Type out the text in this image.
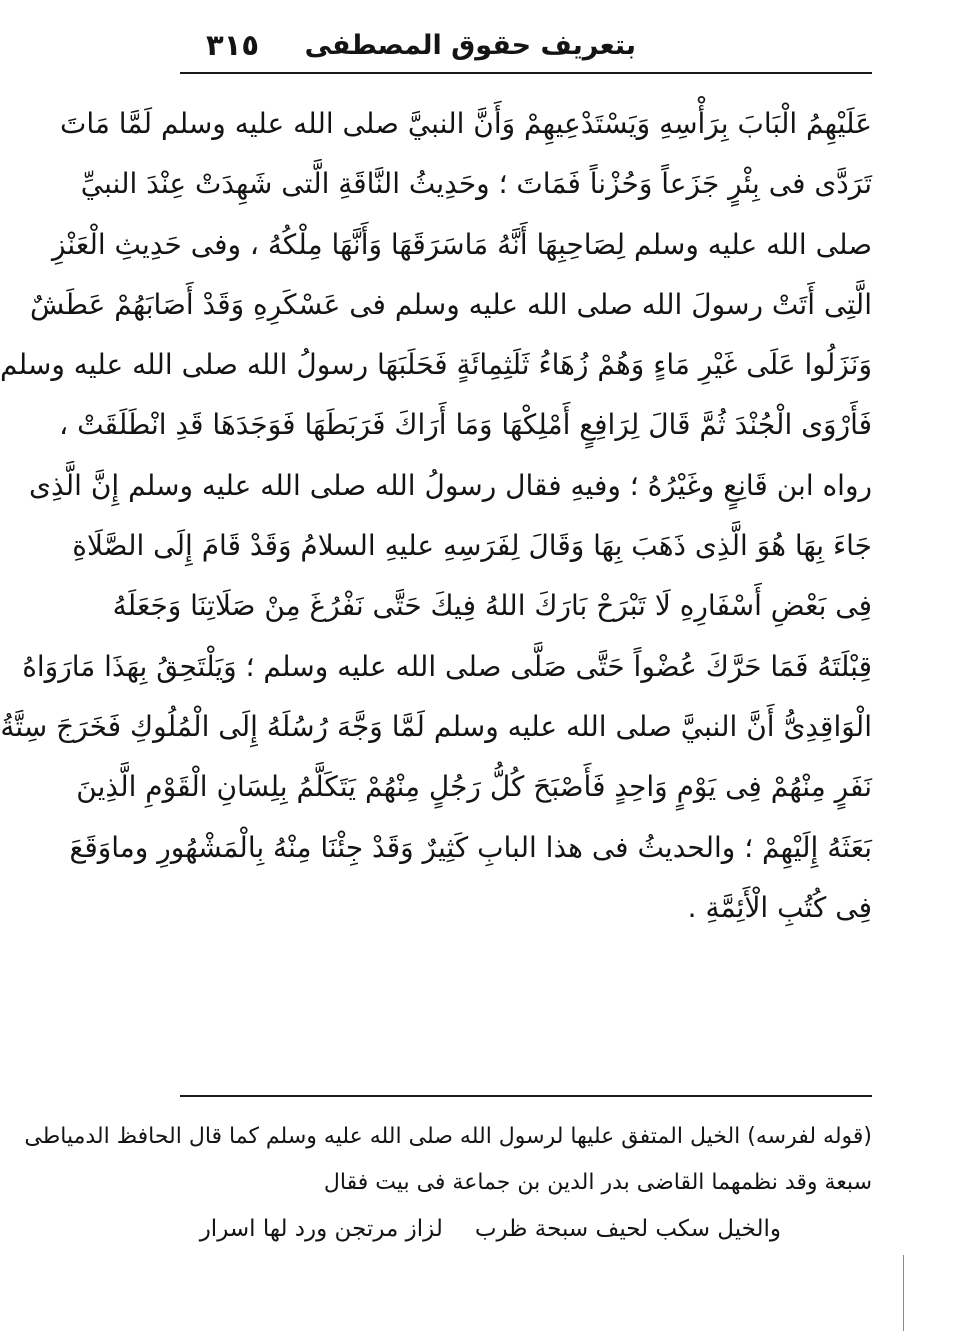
بتعريف حقوق المصطفى
٣١٥
عَلَيْهِمُ الْبَابَ بِرَأْسِهِ وَيَسْتَدْعِيهِمْ وَأَنَّ النبيَّ صلى الله عليه وسلم لَمَّا مَاتَ
تَرَدَّى فى بِئْرٍ جَزَعاً وَحُزْناً فَمَاتَ ؛ وحَدِيثُ النَّاقَةِ الَّتى شَهِدَتْ عِنْدَ النبيِّ
صلى الله عليه وسلم لِصَاحِبِهَا أَنَّهُ مَاسَرَقَهَا وَأَنَّهَا مِلْكُهُ ، وفى حَدِيثِ الْعَنْزِ
الَّتِى أَتَتْ رسولَ الله صلى الله عليه وسلم فى عَسْكَرِهِ وَقَدْ أَصَابَهُمْ عَطَشٌ
وَنَزَلُوا عَلَى غَيْرِ مَاءٍ وَهُمْ زُهَاءُ ثَلَثِمِائَةٍ فَحَلَبَهَا رسولُ الله صلى الله عليه وسلم
فَأَرْوَى الْجُنْدَ ثُمَّ قَالَ لِرَافِعٍ أَمْلِكْهَا وَمَا أَرَاكَ فَرَبَطَهَا فَوَجَدَهَا قَدِ انْطَلَقَتْ ،
رواه ابن قَانِعٍ وغَيْرُهُ ؛ وفيهِ فقال رسولُ الله صلى الله عليه وسلم إِنَّ الَّذِى
جَاءَ بِهَا هُوَ الَّذِى ذَهَبَ بِهَا وَقَالَ لِفَرَسِهِ عليهِ السلامُ وَقَدْ قَامَ إِلَى الصَّلَاةِ
فِى بَعْضِ أَسْفَارِهِ لَا تَبْرَحْ بَارَكَ اللهُ فِيكَ حَتَّى نَفْرُغَ مِنْ صَلَاتِنَا وَجَعَلَهُ
قِبْلَتَهُ فَمَا حَرَّكَ عُضْواً حَتَّى صَلَّى صلى الله عليه وسلم ؛ وَيَلْتَحِقُ بِهَذَا مَارَوَاهُ
الْوَاقِدِىُّ أَنَّ النبيَّ صلى الله عليه وسلم لَمَّا وَجَّهَ رُسُلَهُ إِلَى الْمُلُوكِ فَخَرَجَ سِتَّةُ
نَفَرٍ مِنْهُمْ فِى يَوْمٍ وَاحِدٍ فَأَصْبَحَ كُلُّ رَجُلٍ مِنْهُمْ يَتَكَلَّمُ بِلِسَانِ الْقَوْمِ الَّذِينَ
بَعَثَهُ إِلَيْهِمْ ؛ والحديثُ فى هذا البابِ كَثِيرٌ وَقَدْ جِئْنَا مِنْهُ بِالْمَشْهُورِ وماوَقَعَ
فِى كُتُبِ الْأَئِمَّةِ .
(قوله لفرسه) الخيل المتفق عليها لرسول الله صلى الله عليه وسلم كما قال الحافظ الدمياطى
سبعة وقد نظمهما القاضى بدر الدين بن جماعة فى بيت فقال
والخيل سكب لحيف سبحة ظربلزاز مرتجن ورد لها اسرار
